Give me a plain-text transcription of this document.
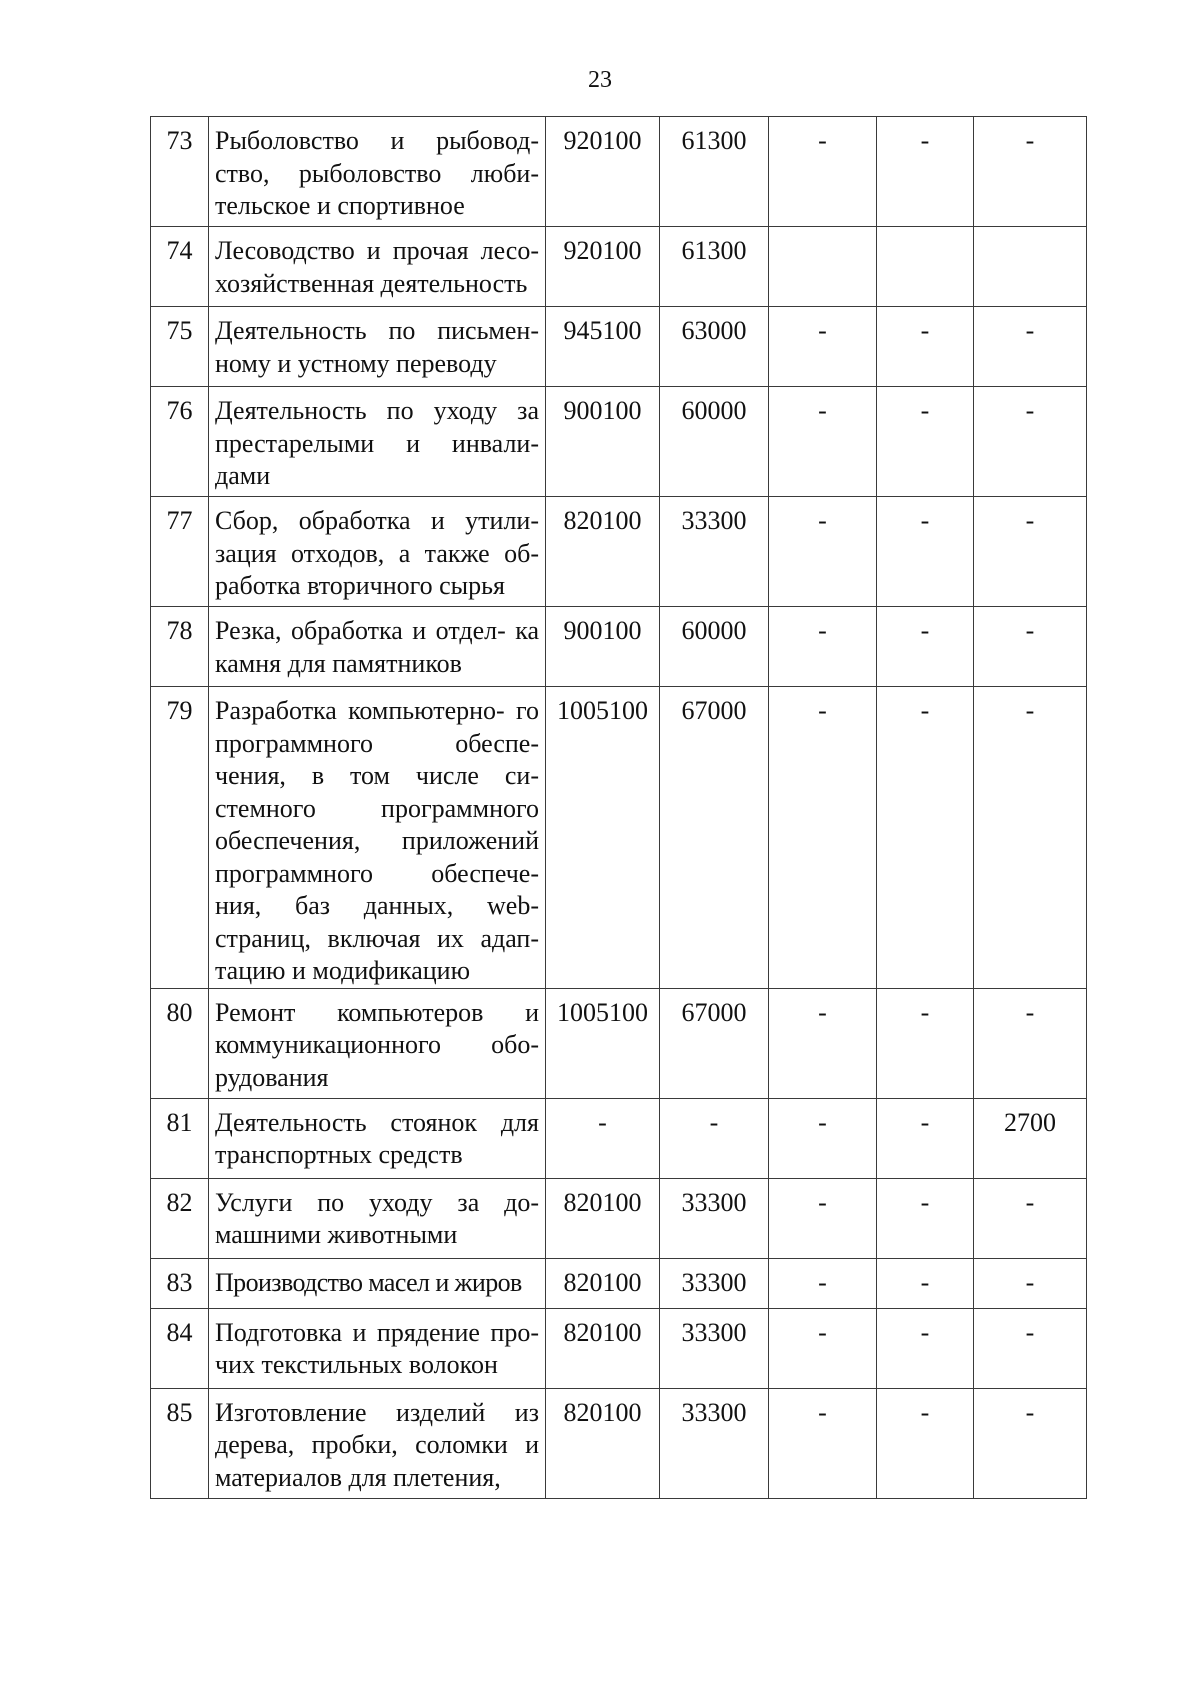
23
73	Рыболовство и рыбовод- ство, рыболовство люби- тельское и спортивное	920100	61300	-	-	-
74	Лесоводство и прочая лесо- хозяйственная деятельность	920100	61300			
75	Деятельность по письмен- ному и устному переводу	945100	63000	-	-	-
76	Деятельность по уходу за престарелыми и инвали- дами	900100	60000	-	-	-
77	Сбор, обработка и утили- зация отходов, а также об- работка вторичного сырья	820100	33300	-	-	-
78	Резка, обработка и отдел- ка камня для памятников	900100	60000	-	-	-
79	Разработка компьютерно- го программного обеспе- чения, в том числе си- стемного программного обеспечения, приложений программного обеспече- ния, баз данных, web- страниц, включая их адап- тацию и модификацию	1005100	67000	-	-	-
80	Ремонт компьютеров и коммуникационного обо- рудования	1005100	67000	-	-	-
81	Деятельность стоянок для транспортных средств	-	-	-	-	2700
82	Услуги по уходу за до- машними животными	820100	33300	-	-	-
83	Производство масел и жиров	820100	33300	-	-	-
84	Подготовка и прядение про- чих текстильных волокон	820100	33300	-	-	-
85	Изготовление изделий из дерева, пробки, соломки и материалов для плетения,	820100	33300	-	-	-
